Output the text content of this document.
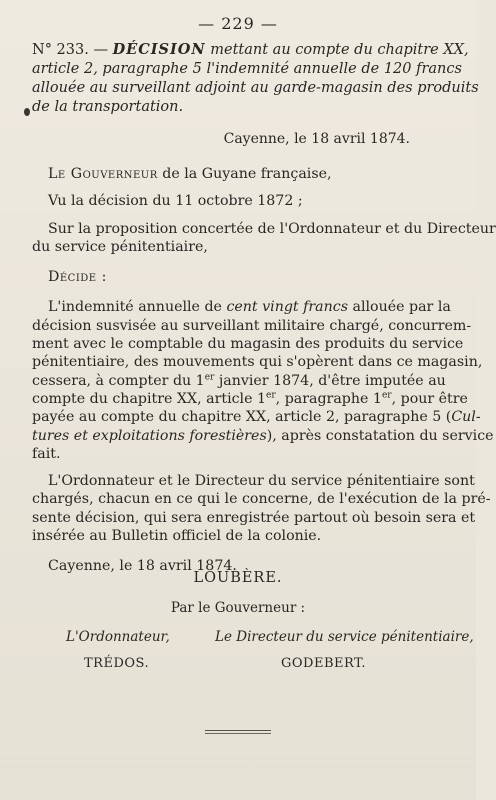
— 229 —
N° 233. — DÉCISION mettant au compte du chapitre XX,
article 2, paragraphe 5 l'indemnité annuelle de 120 francs
allouée au surveillant adjoint au garde-magasin des produits
de la transportation.
Cayenne, le 18 avril 1874.
Le Gouverneur de la Guyane française,
Vu la décision du 11 octobre 1872 ;
Sur la proposition concertée de l'Ordonnateur et du Directeur
du service pénitentiaire,
Décide :
L'indemnité annuelle de cent vingt francs allouée par la
décision susvisée au surveillant militaire chargé, concurrem-
ment avec le comptable du magasin des produits du service
pénitentiaire, des mouvements qui s'opèrent dans ce magasin,
cessera, à compter du 1er janvier 1874, d'être imputée au
compte du chapitre XX, article 1er, paragraphe 1er, pour être
payée au compte du chapitre XX, article 2, paragraphe 5 (Cul-
tures et exploitations forestières), après constatation du service
fait.
L'Ordonnateur et le Directeur du service pénitentiaire sont
chargés, chacun en ce qui le concerne, de l'exécution de la pré-
sente décision, qui sera enregistrée partout où besoin sera et
insérée au Bulletin officiel de la colonie.
Cayenne, le 18 avril 1874.
LOUBÈRE.
Par le Gouverneur :
L'Ordonnateur,	Le Directeur du service pénitentiaire,
TRÉDOS.	GODEBERT.
